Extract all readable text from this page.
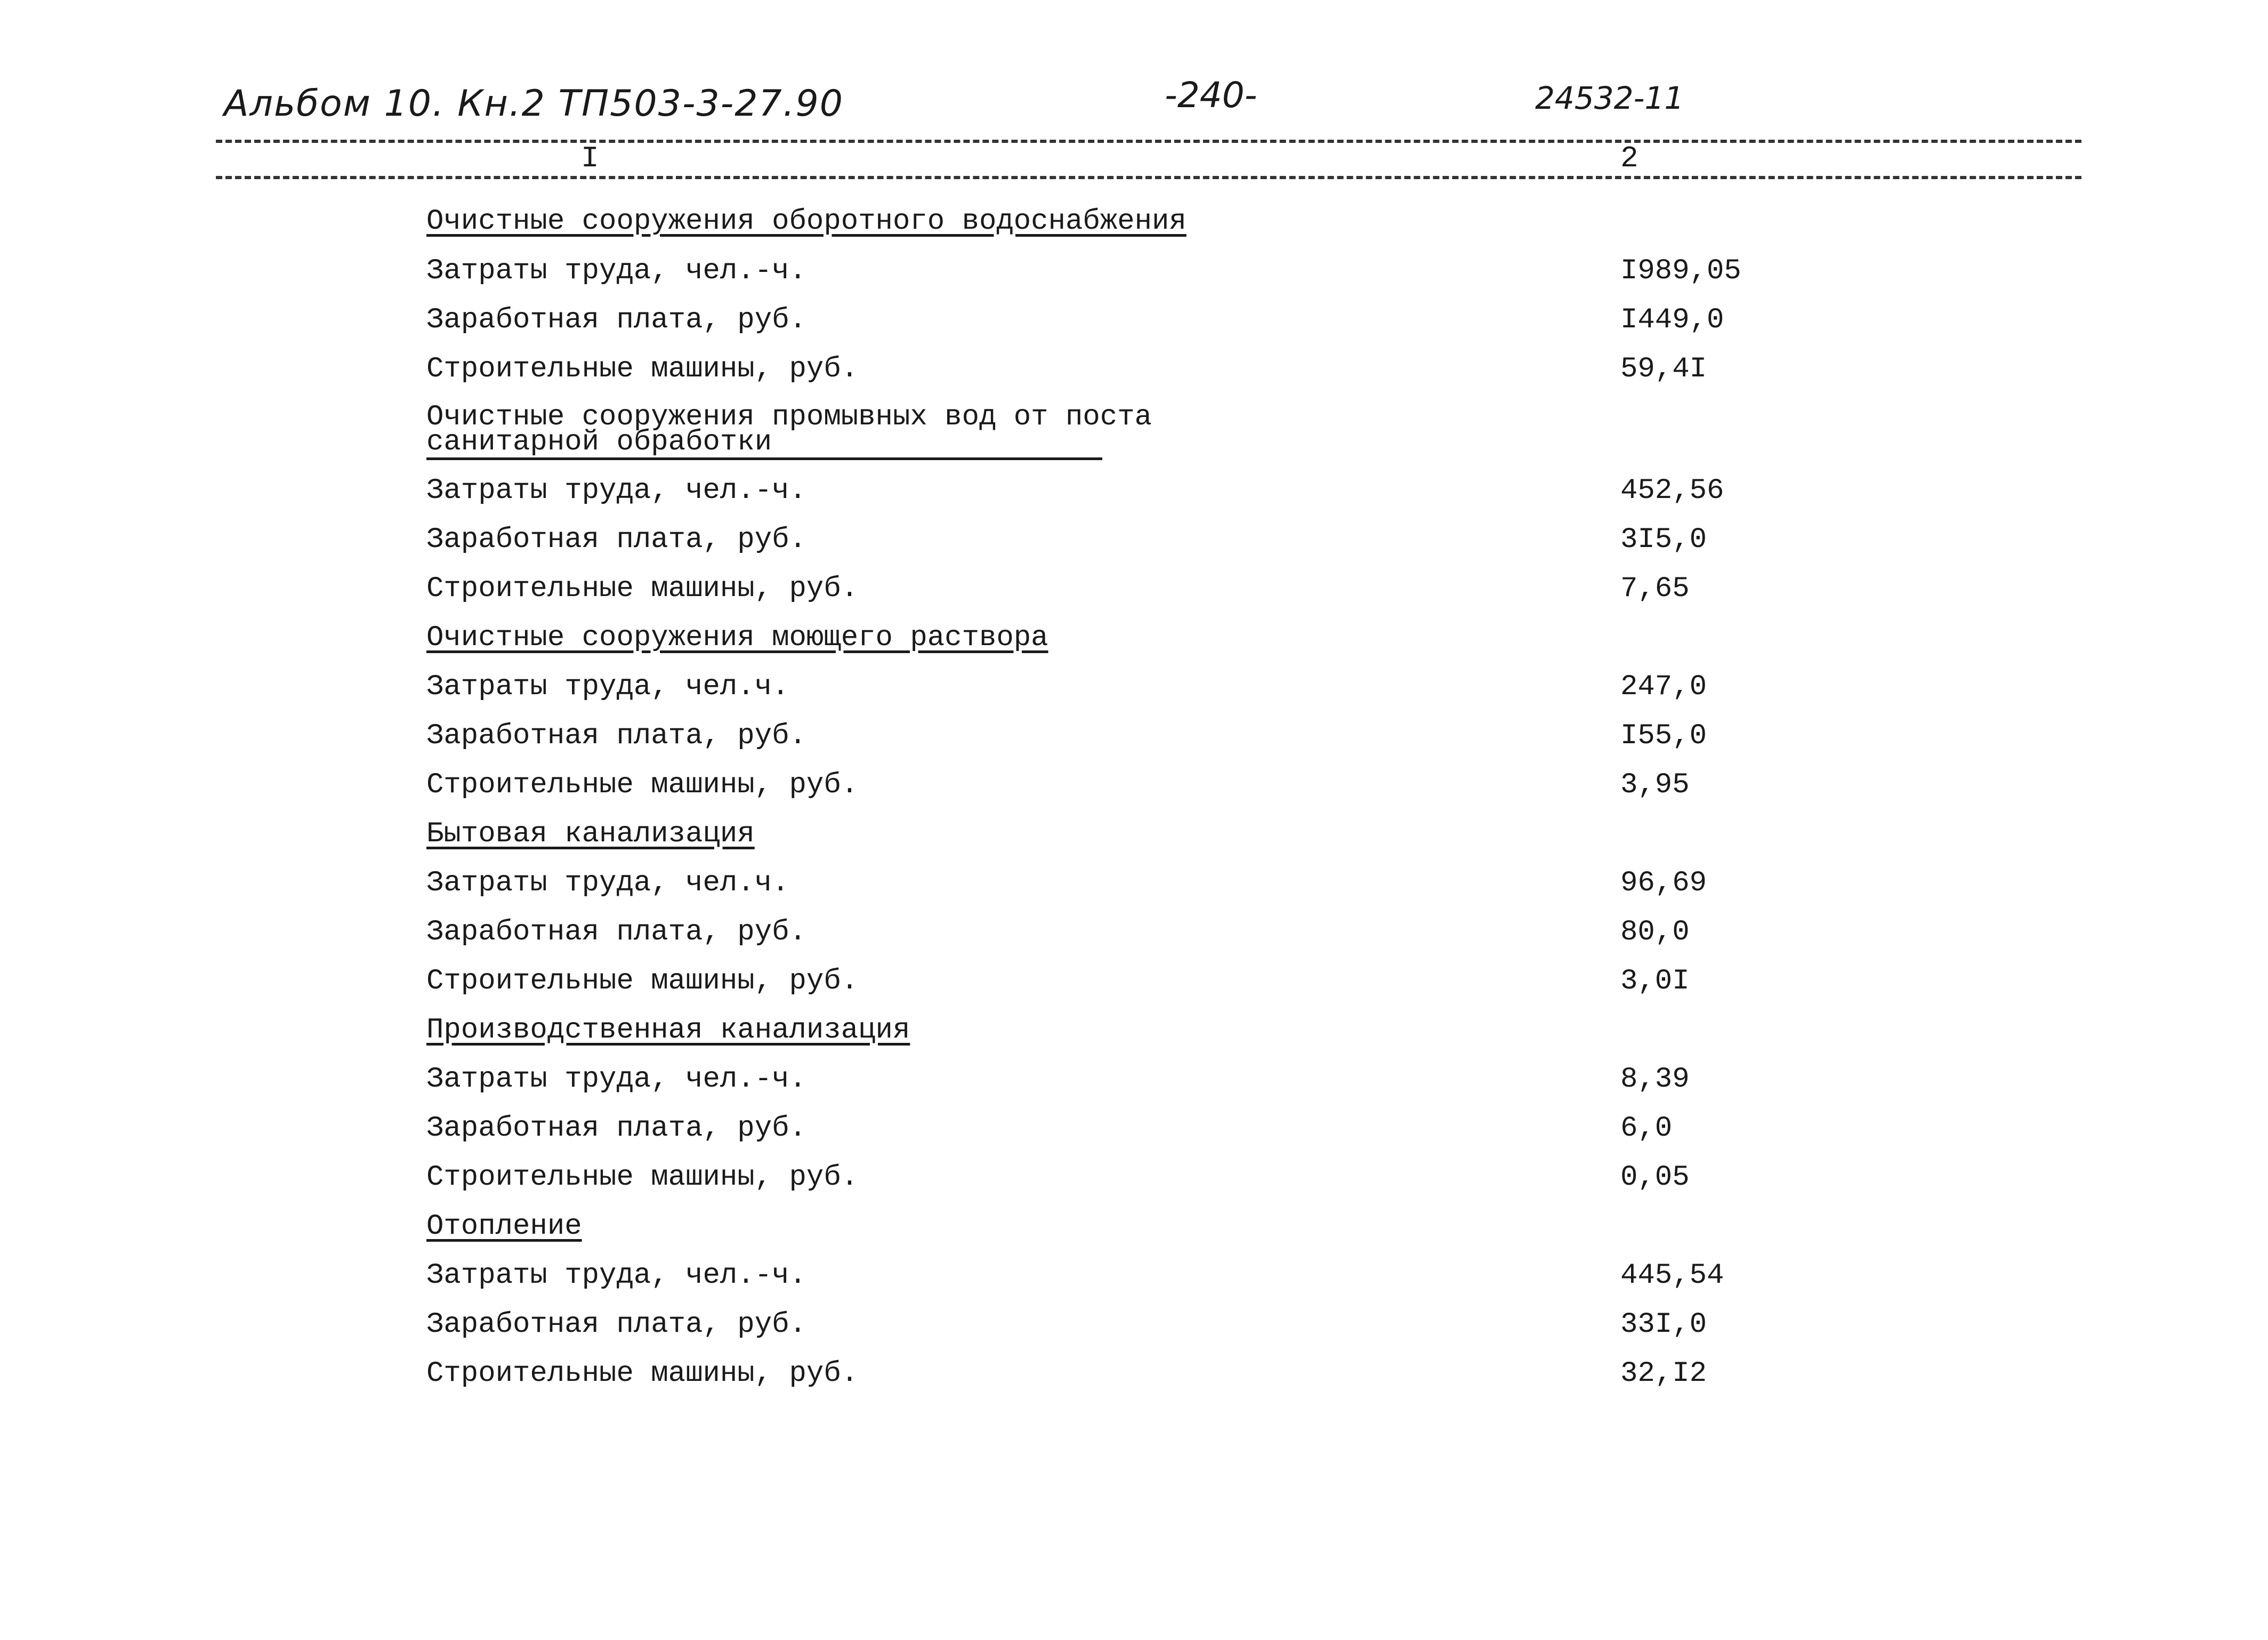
Альбом 10. Кн.2 ТП503-3-27.90	-240-	24532-11
I	2
Очистные сооружения оборотного водоснабжения
Затраты труда, чел.-ч.	I989,05
Заработная плата, руб.	I449,0
Строительные машины, руб.	59,4I
Очистные сооружения промывных вод от поста
санитарной обработки
Затраты труда, чел.-ч.	452,56
Заработная плата, руб.	3I5,0
Строительные машины, руб.	7,65
Очистные сооружения моющего раствора
Затраты труда, чел.ч.	247,0
Заработная плата, руб.	I55,0
Строительные машины, руб.	3,95
Бытовая канализация
Затраты труда, чел.ч.	96,69
Заработная плата, руб.	80,0
Строительные машины, руб.	3,0I
Производственная канализация
Затраты труда, чел.-ч.	8,39
Заработная плата, руб.	6,0
Строительные машины, руб.	0,05
Отопление
Затраты труда, чел.-ч.	445,54
Заработная плата, руб.	33I,0
Строительные машины, руб.	32,I2
